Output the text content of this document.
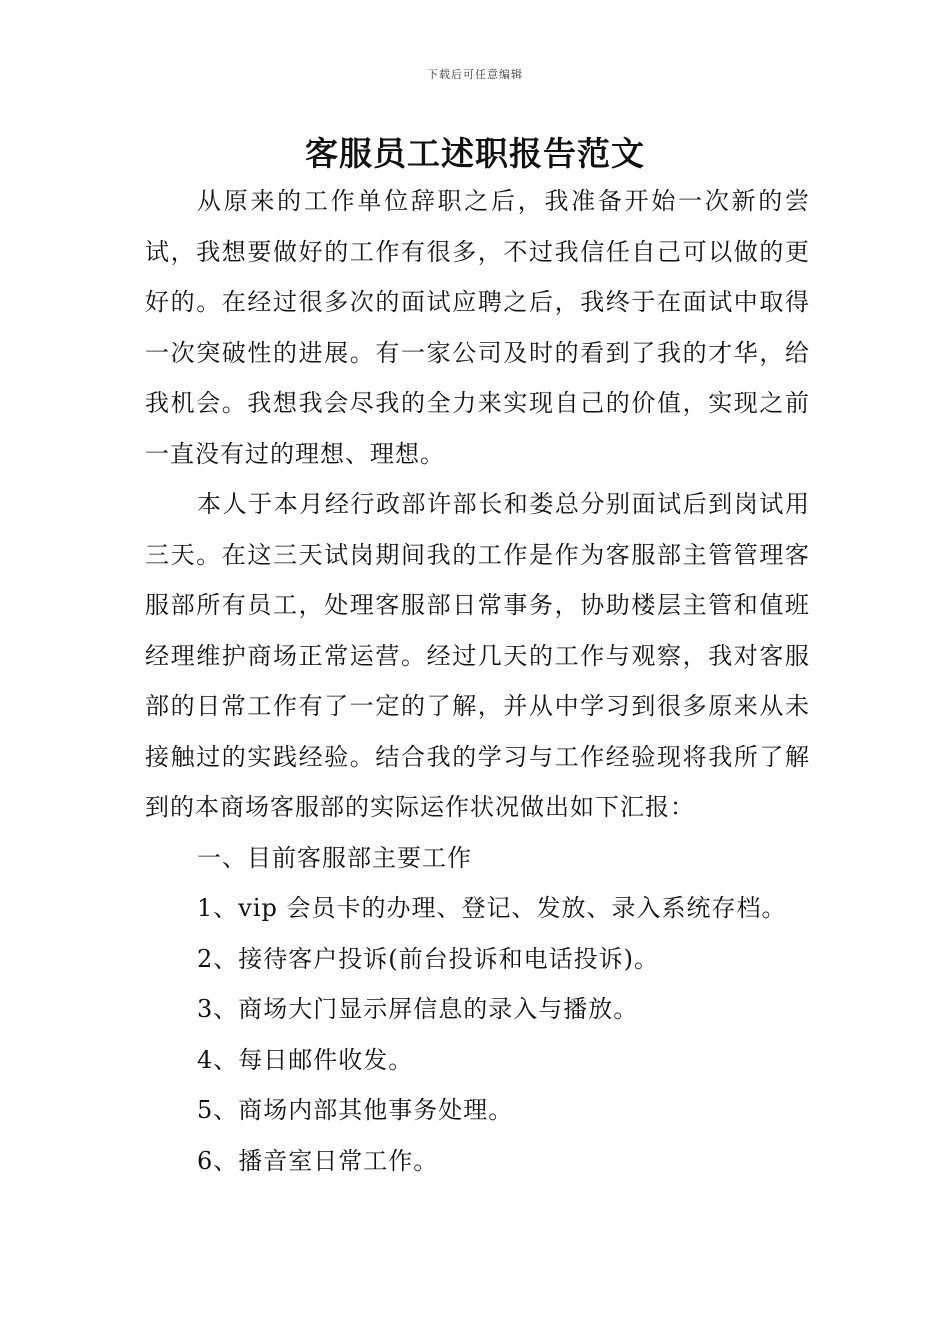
下载后可任意编辑
客服员工述职报告范文

从原来的工作单位辞职之后，我准备开始一次新的尝试，我想要做好的工作有很多，不过我信任自己可以做的更好的。在经过很多次的面试应聘之后，我终于在面试中取得一次突破性的进展。有一家公司及时的看到了我的才华，给我机会。我想我会尽我的全力来实现自己的价值，实现之前一直没有过的理想、理想。

本人于本月经行政部许部长和娄总分别面试后到岗试用三天。在这三天试岗期间我的工作是作为客服部主管管理客服部所有员工，处理客服部日常事务，协助楼层主管和值班经理维护商场正常运营。经过几天的工作与观察，我对客服部的日常工作有了一定的了解，并从中学习到很多原来从未接触过的实践经验。结合我的学习与工作经验现将我所了解到的本商场客服部的实际运作状况做出如下汇报：

一、目前客服部主要工作

1、vip 会员卡的办理、登记、发放、录入系统存档。

2、接待客户投诉(前台投诉和电话投诉)。

3、商场大门显示屏信息的录入与播放。

4、每日邮件收发。

5、商场内部其他事务处理。

6、播音室日常工作。
